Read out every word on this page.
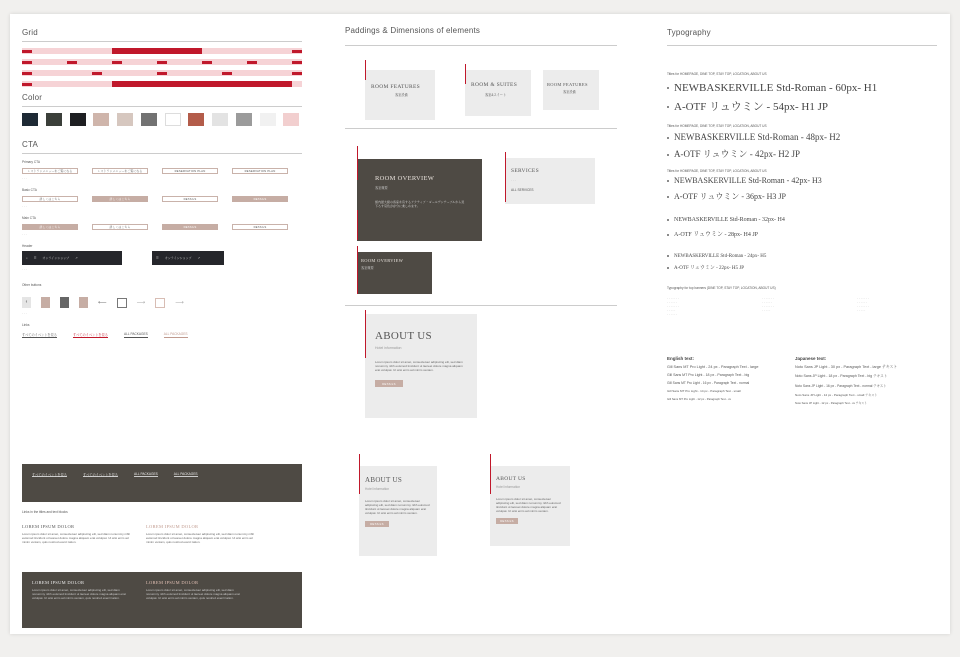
Grid
Color
CTA
Primary CTA
レストランメニューをご覧になる	レストランメニューをご覧になる	RESERVATION PLAN	RESERVATION PLAN
· · ·
Basic CTA
詳しくはこちら	詳しくはこちら	DETAILS	DETAILS
· · ·
Main CTA
詳しくはこちら	詳しくはこちら	DETAILS	DETAILS
· · ·
Header
⌕ ☰ オンラインショップ ↗	☰ オンラインショップ ↗
· · ·
Other buttons
‹	⟵	⟶	⟶
· · ·
Links
すべてのイベントを見る	すべてのイベントを見る	ALL PACKAGES	ALL PACKAGES
すべてのイベントを見る	すべてのイベントを見る	ALL PACKAGES	ALL PACKAGES
Links in the titles and text blocks
LOREM IPSUM DOLOR
Lorem ipsum dolor sit amet, consectetuer adipiscing elit, sed diam nonummy nibh euismod tincidunt ut laoreet dolore magna aliquam erat volutpat. Ut wisi enim ad minim veniam, quis nostrud exerci tation.
LOREM IPSUM DOLOR
Lorem ipsum dolor sit amet, consectetuer adipiscing elit, sed diam nonummy nibh euismod tincidunt ut laoreet dolore magna aliquam erat volutpat. Ut wisi enim ad minim veniam, quis nostrud exerci tation.
LOREM IPSUM DOLOR
Lorem ipsum dolor sit amet, consectetuer adipiscing elit, sed diam nonummy nibh euismod tincidunt ut laoreet dolore magna aliquam erat volutpat. Ut wisi enim ad minim veniam, quis nostrud exerci tation.
LOREM IPSUM DOLOR
Lorem ipsum dolor sit amet, consectetuer adipiscing elit, sed diam nonummy nibh euismod tincidunt ut laoreet dolore magna aliquam erat volutpat. Ut wisi enim ad minim veniam, quis nostrud exerci tation.
Paddings & Dimensions of elements
ROOM FEATURES
客室設備
ROOM & SUITES
客室&スイート
ROOM FEATURES
客室設備
ROOM OVERVIEW
客室概要
館内最大級の客室を有するアクティブ・ゴールデンテーブルから見下ろす景色が存分に楽しめます。
SERVICES
· · ·
ALL SERVICES
ROOM OVERVIEW
客室概要
ABOUT US
Hotel information
Lorem ipsum dolor sit amet, consectetuer adipiscing elit, sed diam nonummy nibh euismod tincidunt ut laoreet dolore magna aliquam erat volutpat. Ut wisi enim ad minim veniam.
DETAILS
ABOUT US
Hotel information
Lorem ipsum dolor sit amet, consectetuer adipiscing elit, sed diam nonummy nibh euismod tincidunt ut laoreet dolore magna aliquam erat volutpat. Ut wisi enim ad minim veniam.
DETAILS
ABOUT US
Hotel information
Lorem ipsum dolor sit amet, consectetuer adipiscing elit, sed diam nonummy nibh euismod tincidunt ut laoreet dolore magna aliquam erat volutpat. Ut wisi enim ad minim veniam.
DETAILS
Typography
Titles for HOMEPAGE, DINE TOP, STAY TOP, LOCATION, ABOUT US
NEWBASKERVILLE Std-Roman - 60px- H1
A-OTF リュウミン - 54px- H1 JP
Titles for HOMEPAGE, DINE TOP, STAY TOP, LOCATION, ABOUT US
NEWBASKERVILLE Std-Roman - 48px- H2
A-OTF リュウミン - 42px- H2 JP
Titles for HOMEPAGE, DINE TOP, STAY TOP, LOCATION, ABOUT US
NEWBASKERVILLE Std-Roman - 42px- H3
A-OTF リュウミン - 36px- H3 JP
NEWBASKERVILLE Std-Roman - 32px- H4
A-OTF リュウミン - 28px- H4 JP
NEWBASKERVILLE Std-Roman - 24px- H5
A-OTF リュウミン - 22px- H5 JP
Typography for top banners (DINE TOP, STAY TOP, LOCATION, ABOUT US)
· · · · · · ·
· · · · · ·
· · · · · · ·
· · · · ·
· · · · · ·
· · · · · · ·
· · · · · ·
· · · · · · ·
· · · · ·
· · · · · · ·
· · · · · ·
· · · · · · ·
· · · · ·
English text:
Gill Sans MT Pro Light - 24 px - Paragraph Text - large
Gill Sans MT Pro Light - 18 px - Paragraph Text - big
Gill Sans MT Pro Light - 16 px - Paragraph Text - normal
Gill Sans MT Pro Light - 14 px - Paragraph Text - small
Gill Sans MT Pro Light - 12 px - Paragraph Text - xs
Japanese text:
Noto Sans JP Light - 30 px - Paragraph Text - large テキスト
Noto Sans JP Light - 18 px - Paragraph Text - big テキスト
Noto Sans JP Light - 16 px - Paragraph Text - normal テキスト
Noto Sans JP Light - 14 px - Paragraph Text - small テキスト
Noto Sans JP Light - 12 px - Paragraph Text - xs テキスト
